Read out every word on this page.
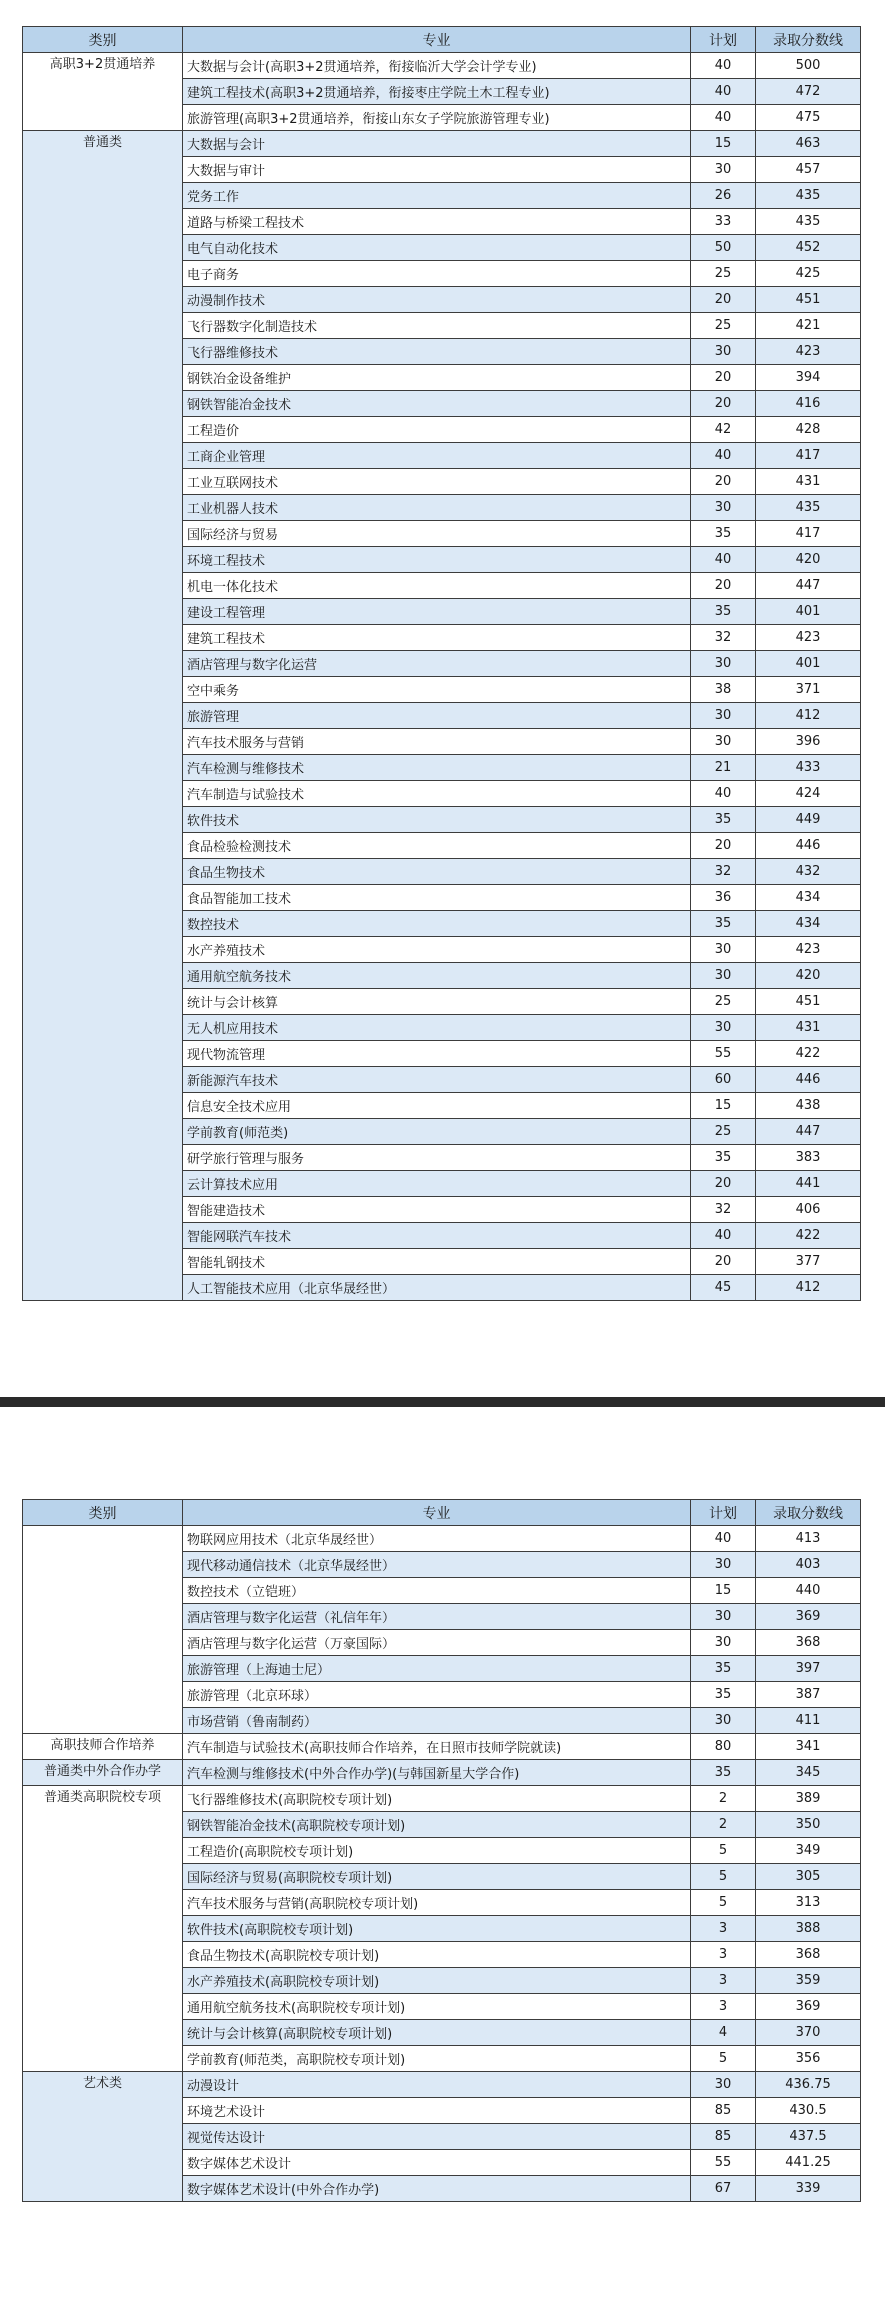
类别	专业	计划	录取分数线
高职3+2贯通培养	大数据与会计(高职3+2贯通培养，衔接临沂大学会计学专业)	40	500
	建筑工程技术(高职3+2贯通培养，衔接枣庄学院土木工程专业)	40	472
	旅游管理(高职3+2贯通培养，衔接山东女子学院旅游管理专业)	40	475
普通类	大数据与会计	15	463
	大数据与审计	30	457
	党务工作	26	435
	道路与桥梁工程技术	33	435
	电气自动化技术	50	452
	电子商务	25	425
	动漫制作技术	20	451
	飞行器数字化制造技术	25	421
	飞行器维修技术	30	423
	钢铁冶金设备维护	20	394
	钢铁智能冶金技术	20	416
	工程造价	42	428
	工商企业管理	40	417
	工业互联网技术	20	431
	工业机器人技术	30	435
	国际经济与贸易	35	417
	环境工程技术	40	420
	机电一体化技术	20	447
	建设工程管理	35	401
	建筑工程技术	32	423
	酒店管理与数字化运营	30	401
	空中乘务	38	371
	旅游管理	30	412
	汽车技术服务与营销	30	396
	汽车检测与维修技术	21	433
	汽车制造与试验技术	40	424
	软件技术	35	449
	食品检验检测技术	20	446
	食品生物技术	32	432
	食品智能加工技术	36	434
	数控技术	35	434
	水产养殖技术	30	423
	通用航空航务技术	30	420
	统计与会计核算	25	451
	无人机应用技术	30	431
	现代物流管理	55	422
	新能源汽车技术	60	446
	信息安全技术应用	15	438
	学前教育(师范类)	25	447
	研学旅行管理与服务	35	383
	云计算技术应用	20	441
	智能建造技术	32	406
	智能网联汽车技术	40	422
	智能轧钢技术	20	377
	人工智能技术应用（北京华晟经世）	45	412
类别	专业	计划	录取分数线
	物联网应用技术（北京华晟经世）	40	413
	现代移动通信技术（北京华晟经世）	30	403
	数控技术（立铠班）	15	440
	酒店管理与数字化运营（礼信年年）	30	369
	酒店管理与数字化运营（万豪国际）	30	368
	旅游管理（上海迪士尼）	35	397
	旅游管理（北京环球）	35	387
	市场营销（鲁南制药）	30	411
高职技师合作培养	汽车制造与试验技术(高职技师合作培养，在日照市技师学院就读)	80	341
普通类中外合作办学	汽车检测与维修技术(中外合作办学)(与韩国新星大学合作)	35	345
普通类高职院校专项	飞行器维修技术(高职院校专项计划)	2	389
	钢铁智能冶金技术(高职院校专项计划)	2	350
	工程造价(高职院校专项计划)	5	349
	国际经济与贸易(高职院校专项计划)	5	305
	汽车技术服务与营销(高职院校专项计划)	5	313
	软件技术(高职院校专项计划)	3	388
	食品生物技术(高职院校专项计划)	3	368
	水产养殖技术(高职院校专项计划)	3	359
	通用航空航务技术(高职院校专项计划)	3	369
	统计与会计核算(高职院校专项计划)	4	370
	学前教育(师范类，高职院校专项计划)	5	356
艺术类	动漫设计	30	436.75
	环境艺术设计	85	430.5
	视觉传达设计	85	437.5
	数字媒体艺术设计	55	441.25
	数字媒体艺术设计(中外合作办学)	67	339
